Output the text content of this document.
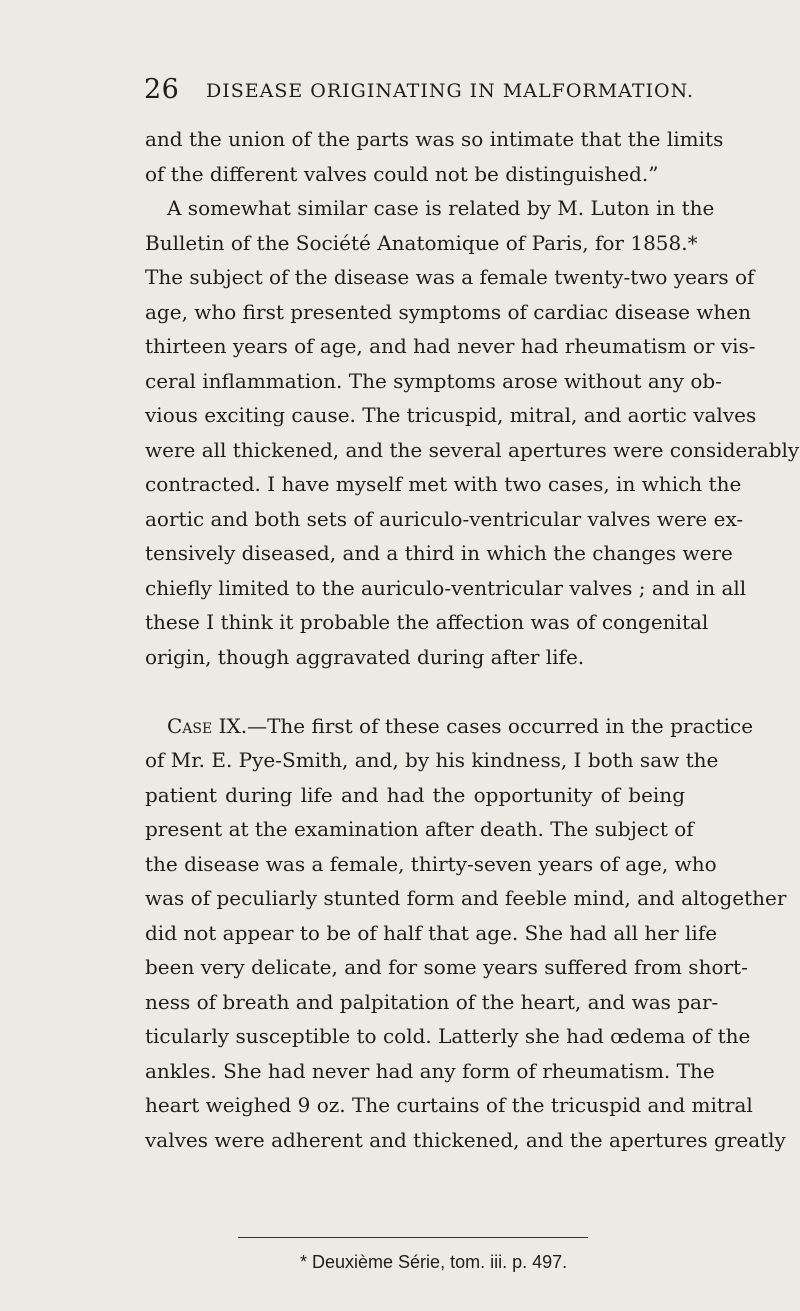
26 DISEASE ORIGINATING IN MALFORMATION.
and the union of the parts was so intimate that the limits
of the different valves could not be distinguished.”
A somewhat similar case is related by M. Luton in the
Bulletin of the Société Anatomique of Paris, for 1858.*
The subject of the disease was a female twenty-two years of
age, who first presented symptoms of cardiac disease when
thirteen years of age, and had never had rheumatism or vis-
ceral inflammation. The symptoms arose without any ob-
vious exciting cause. The tricuspid, mitral, and aortic valves
were all thickened, and the several apertures were considerably
contracted. I have myself met with two cases, in which the
aortic and both sets of auriculo-ventricular valves were ex-
tensively diseased, and a third in which the changes were
chiefly limited to the auriculo-ventricular valves ; and in all
these I think it probable the affection was of congenital
origin, though aggravated during after life.
Case IX.—The first of these cases occurred in the practice
of Mr. E. Pye-Smith, and, by his kindness, I both saw the
patient during life and had the opportunity of being
present at the examination after death. The subject of
the disease was a female, thirty-seven years of age, who
was of peculiarly stunted form and feeble mind, and altogether
did not appear to be of half that age. She had all her life
been very delicate, and for some years suffered from short-
ness of breath and palpitation of the heart, and was par-
ticularly susceptible to cold. Latterly she had œdema of the
ankles. She had never had any form of rheumatism. The
heart weighed 9 oz. The curtains of the tricuspid and mitral
valves were adherent and thickened, and the apertures greatly
* Deuxième Série, tom. iii. p. 497.
